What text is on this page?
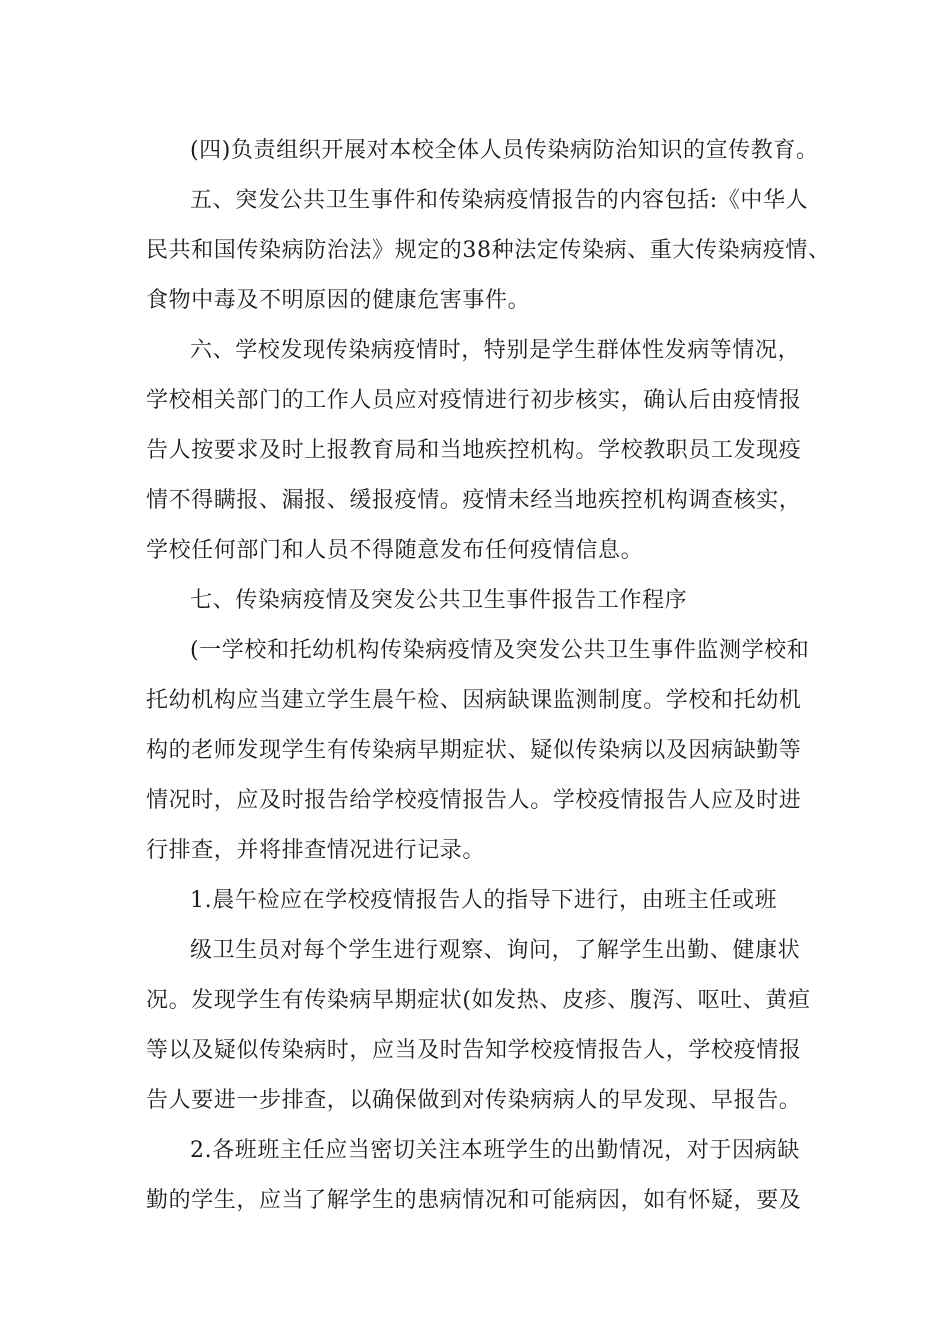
(四)负责组织开展对本校全体人员传染病防治知识的宣传教育。
五、突发公共卫生事件和传染病疫情报告的内容包括:《中华人
民共和国传染病防治法》规定的38种法定传染病、重大传染病疫情、
食物中毒及不明原因的健康危害事件。
六、学校发现传染病疫情时，特别是学生群体性发病等情况，
学校相关部门的工作人员应对疫情进行初步核实，确认后由疫情报
告人按要求及时上报教育局和当地疾控机构。学校教职员工发现疫
情不得瞒报、漏报、缓报疫情。疫情未经当地疾控机构调查核实，
学校任何部门和人员不得随意发布任何疫情信息。
七、传染病疫情及突发公共卫生事件报告工作程序
(一学校和托幼机构传染病疫情及突发公共卫生事件监测学校和
托幼机构应当建立学生晨午检、因病缺课监测制度。学校和托幼机
构的老师发现学生有传染病早期症状、疑似传染病以及因病缺勤等
情况时，应及时报告给学校疫情报告人。学校疫情报告人应及时进
行排查，并将排查情况进行记录。
1.晨午检应在学校疫情报告人的指导下进行，由班主任或班
级卫生员对每个学生进行观察、询问，了解学生出勤、健康状
况。发现学生有传染病早期症状(如发热、皮疹、腹泻、呕吐、黄疸
等以及疑似传染病时，应当及时告知学校疫情报告人，学校疫情报
告人要进一步排查，以确保做到对传染病病人的早发现、早报告。
2.各班班主任应当密切关注本班学生的出勤情况，对于因病缺
勤的学生，应当了解学生的患病情况和可能病因，如有怀疑，要及
